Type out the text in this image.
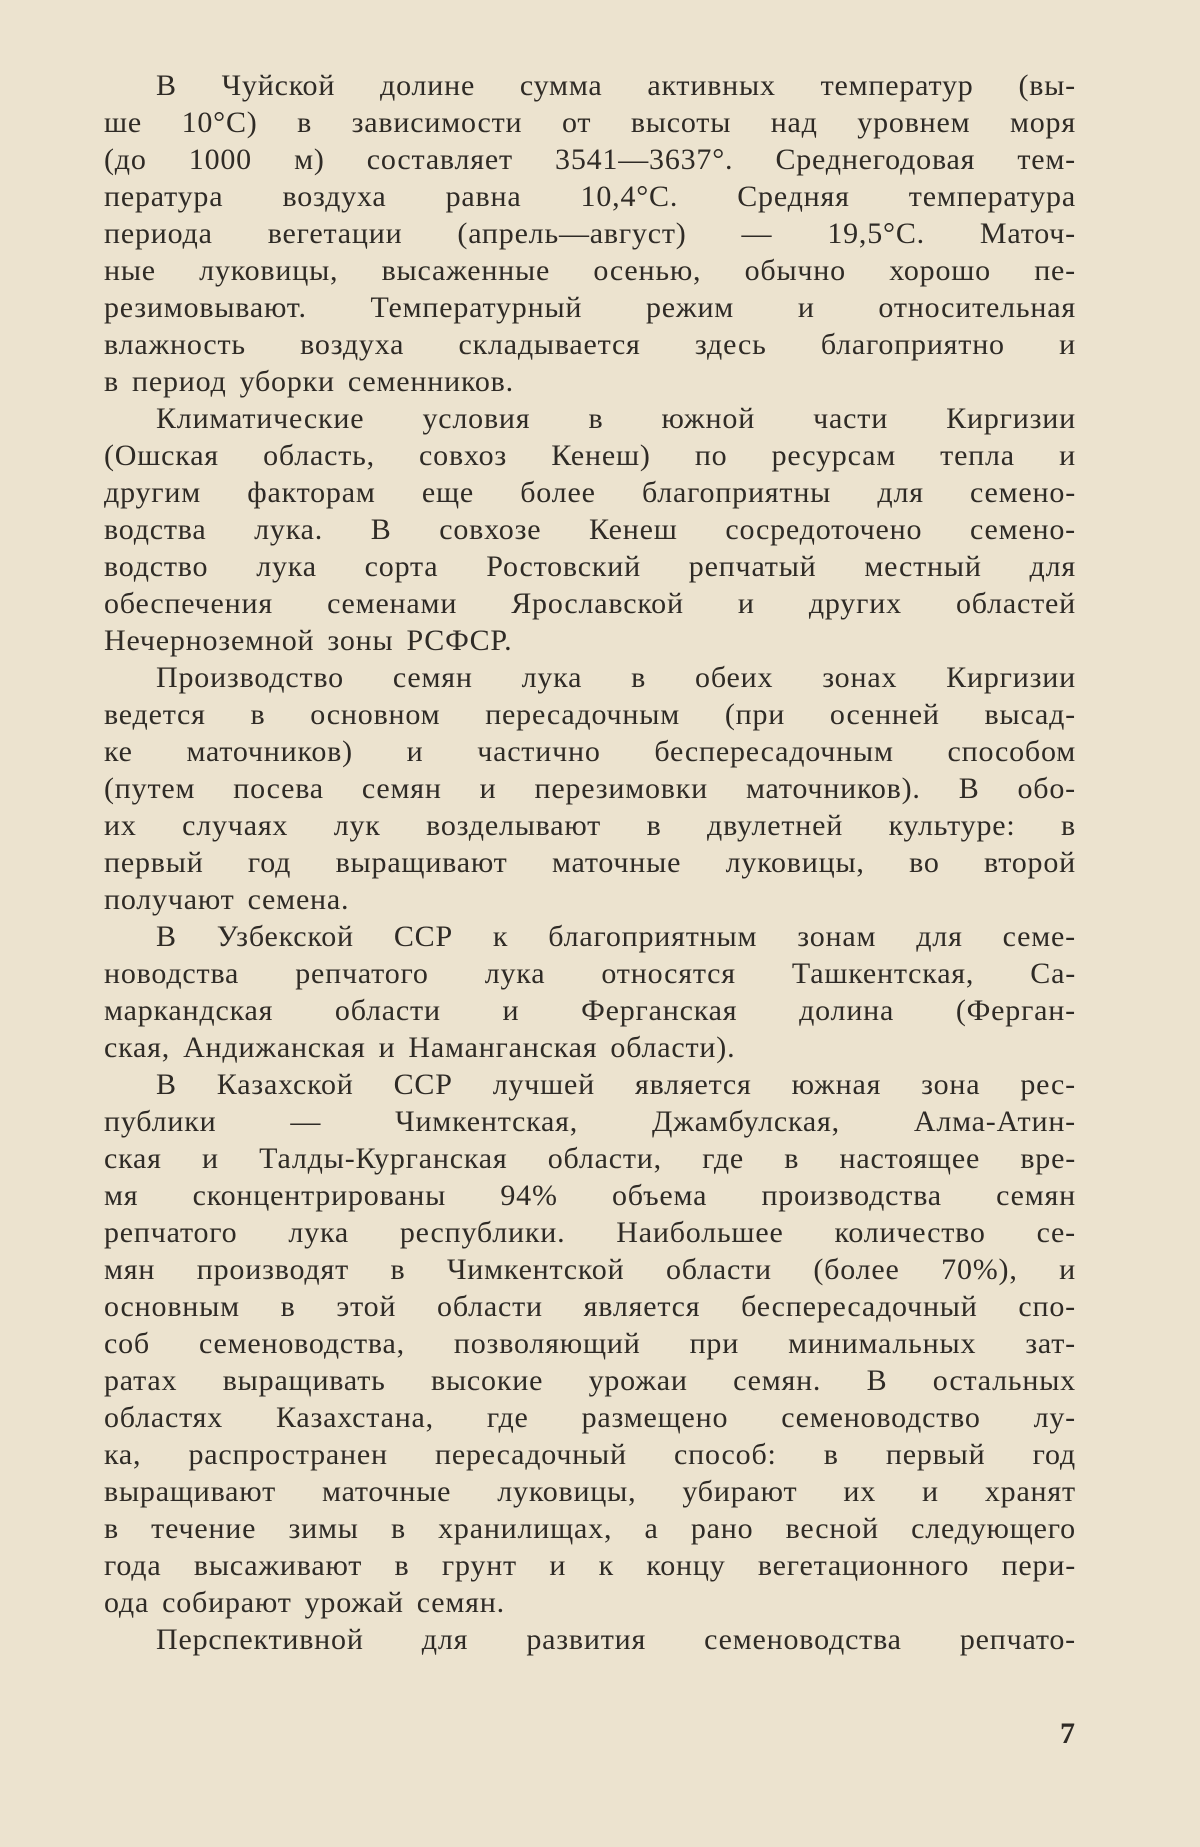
В Чуйской долине сумма активных температур (вы-
ше 10°С) в зависимости от высоты над уровнем моря
(до 1000 м) составляет 3541—3637°. Среднегодовая тем-
пература воздуха равна 10,4°С. Средняя температура
периода вегетации (апрель—август) — 19,5°С. Маточ-
ные луковицы, высаженные осенью, обычно хорошо пе-
резимовывают. Температурный режим и относительная
влажность воздуха складывается здесь благоприятно и
в период уборки семенников.
Климатические условия в южной части Киргизии
(Ошская область, совхоз Кенеш) по ресурсам тепла и
другим факторам еще более благоприятны для семено-
водства лука. В совхозе Кенеш сосредоточено семено-
водство лука сорта Ростовский репчатый местный для
обеспечения семенами Ярославской и других областей
Нечерноземной зоны РСФСР.
Производство семян лука в обеих зонах Киргизии
ведется в основном пересадочным (при осенней высад-
ке маточников) и частично беспересадочным способом
(путем посева семян и перезимовки маточников). В обо-
их случаях лук возделывают в двулетней культуре: в
первый год выращивают маточные луковицы, во второй
получают семена.
В Узбекской ССР к благоприятным зонам для семе-
новодства репчатого лука относятся Ташкентская, Са-
маркандская области и Ферганская долина (Ферган-
ская, Андижанская и Наманганская области).
В Казахской ССР лучшей является южная зона рес-
публики — Чимкентская, Джамбулская, Алма-Атин-
ская и Талды-Курганская области, где в настоящее вре-
мя сконцентрированы 94% объема производства семян
репчатого лука республики. Наибольшее количество се-
мян производят в Чимкентской области (более 70%), и
основным в этой области является беспересадочный спо-
соб семеноводства, позволяющий при минимальных зат-
ратах выращивать высокие урожаи семян. В остальных
областях Казахстана, где размещено семеноводство лу-
ка, распространен пересадочный способ: в первый год
выращивают маточные луковицы, убирают их и хранят
в течение зимы в хранилищах, а рано весной следующего
года высаживают в грунт и к концу вегетационного пери-
ода собирают урожай семян.
Перспективной для развития семеноводства репчато-
7
